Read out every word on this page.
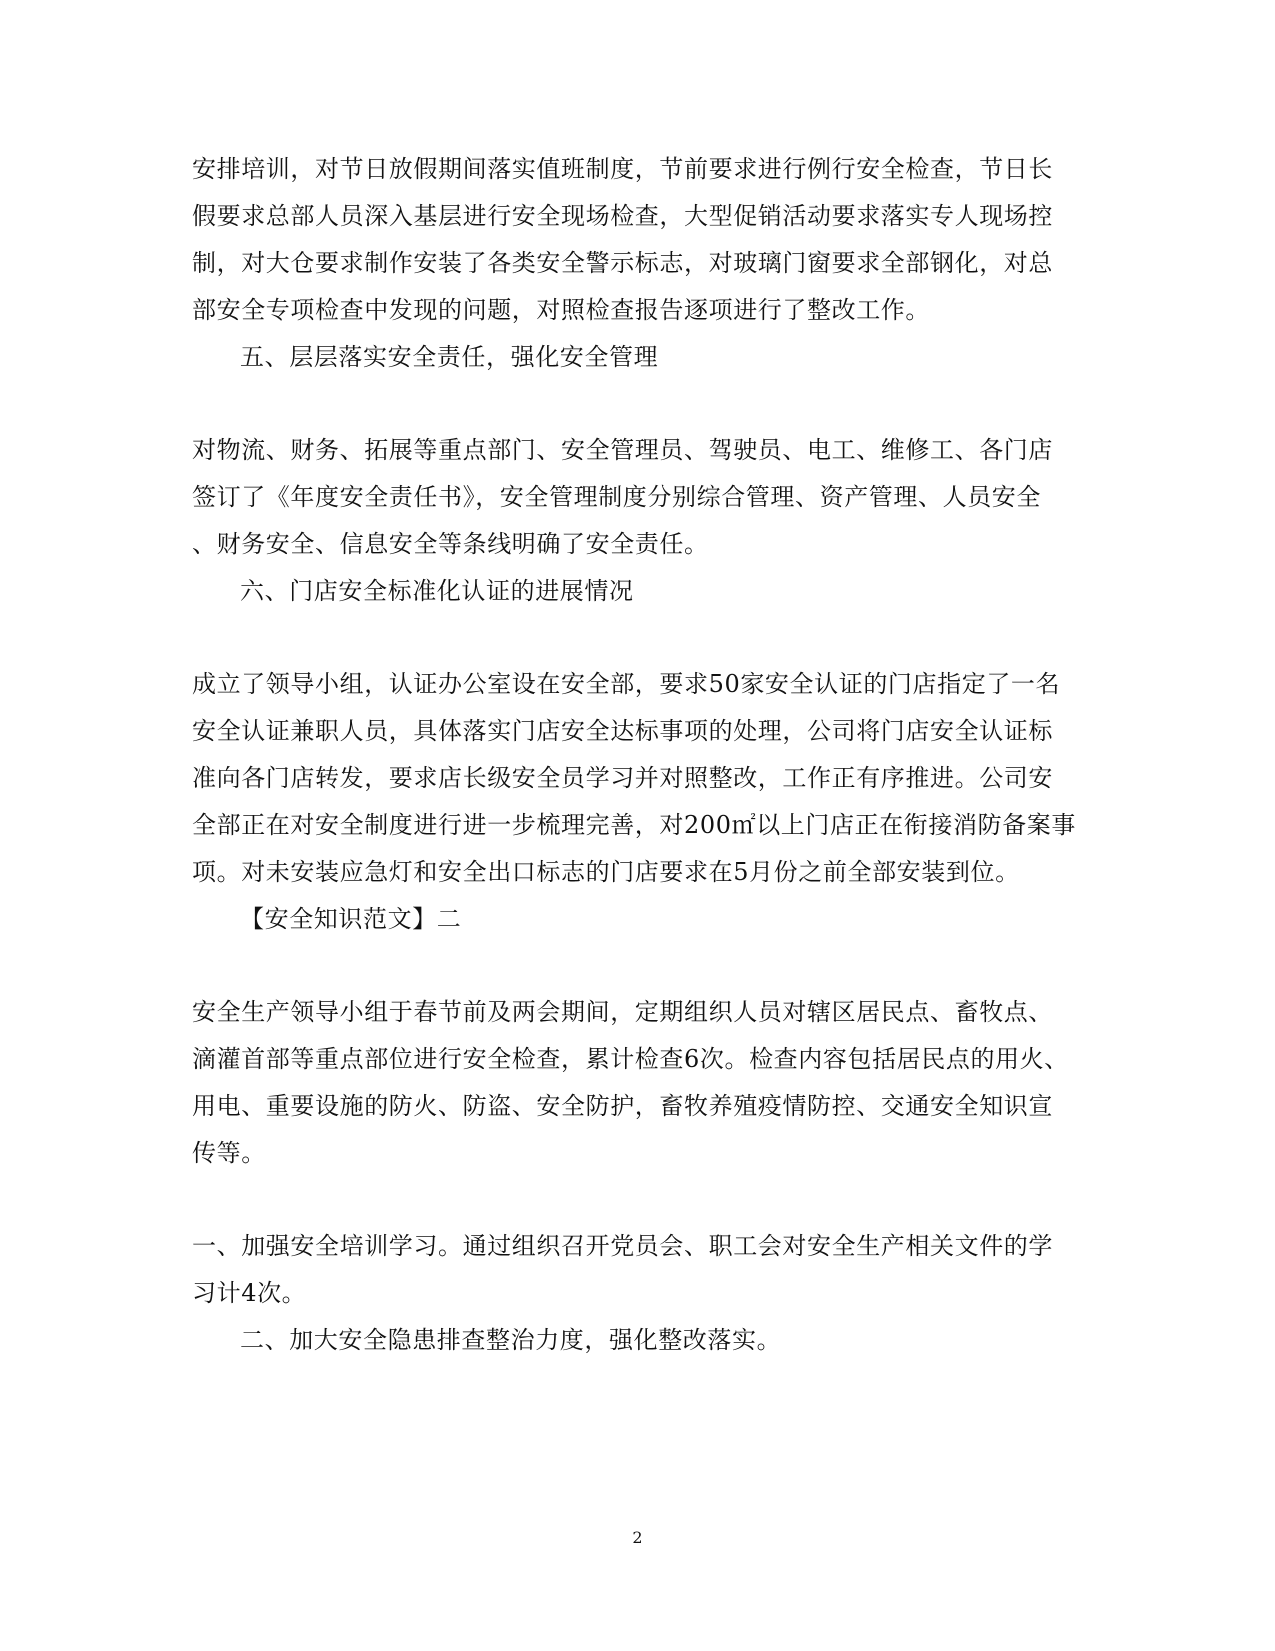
安排培训，对节日放假期间落实值班制度，节前要求进行例行安全检查，节日长
假要求总部人员深入基层进行安全现场检查，大型促销活动要求落实专人现场控
制，对大仓要求制作安装了各类安全警示标志，对玻璃门窗要求全部钢化，对总
部安全专项检查中发现的问题，对照检查报告逐项进行了整改工作。
五、层层落实安全责任，强化安全管理
对物流、财务、拓展等重点部门、安全管理员、驾驶员、电工、维修工、各门店
签订了《年度安全责任书》，安全管理制度分别综合管理、资产管理、人员安全
、财务安全、信息安全等条线明确了安全责任。
六、门店安全标准化认证的进展情况
成立了领导小组，认证办公室设在安全部，要求50家安全认证的门店指定了一名
安全认证兼职人员，具体落实门店安全达标事项的处理，公司将门店安全认证标
准向各门店转发，要求店长级安全员学习并对照整改，工作正有序推进。公司安
全部正在对安全制度进行进一步梳理完善，对200㎡以上门店正在衔接消防备案事
项。对未安装应急灯和安全出口标志的门店要求在5月份之前全部安装到位。
【安全知识范文】二
安全生产领导小组于春节前及两会期间，定期组织人员对辖区居民点、畜牧点、
滴灌首部等重点部位进行安全检查，累计检查6次。检查内容包括居民点的用火、
用电、重要设施的防火、防盗、安全防护，畜牧养殖疫情防控、交通安全知识宣
传等。
一、加强安全培训学习。通过组织召开党员会、职工会对安全生产相关文件的学
习计4次。
二、加大安全隐患排查整治力度，强化整改落实。
2
